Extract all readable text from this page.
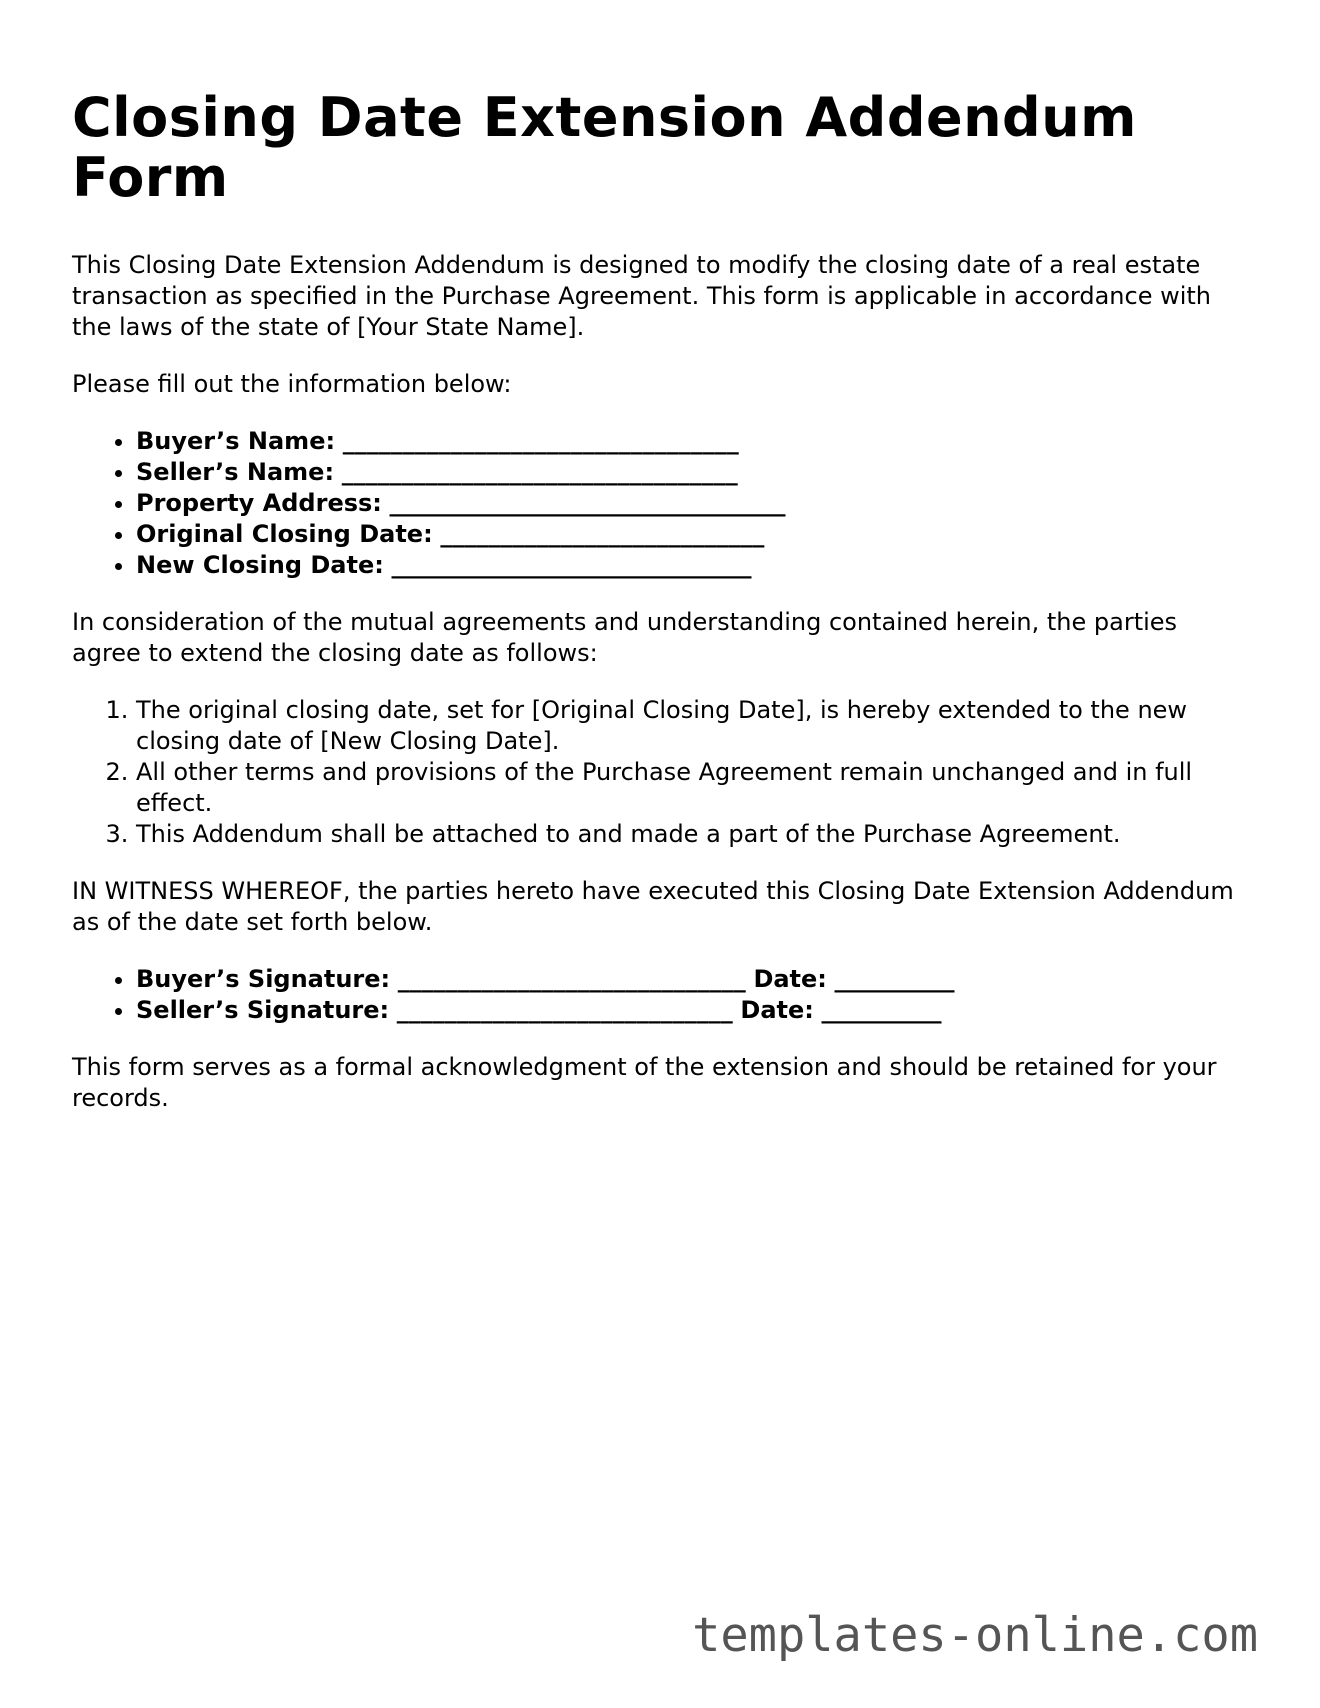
Closing Date Extension Addendum Form

This Closing Date Extension Addendum is designed to modify the closing date of a real estate transaction as specified in the Purchase Agreement. This form is applicable in accordance with the laws of the state of [Your State Name].

Please fill out the information below:

• Buyer’s Name: _________________________________
• Seller’s Name: _________________________________
• Property Address: _________________________________
• Original Closing Date: ___________________________
• New Closing Date: ______________________________

In consideration of the mutual agreements and understanding contained herein, the parties agree to extend the closing date as follows:

1. The original closing date, set for [Original Closing Date], is hereby extended to the new closing date of [New Closing Date].
2. All other terms and provisions of the Purchase Agreement remain unchanged and in full effect.
3. This Addendum shall be attached to and made a part of the Purchase Agreement.

IN WITNESS WHEREOF, the parties hereto have executed this Closing Date Extension Addendum as of the date set forth below.

• Buyer’s Signature: _____________________________ Date: __________
• Seller’s Signature: ____________________________ Date: __________

This form serves as a formal acknowledgment of the extension and should be retained for your records.

templates-online.com
